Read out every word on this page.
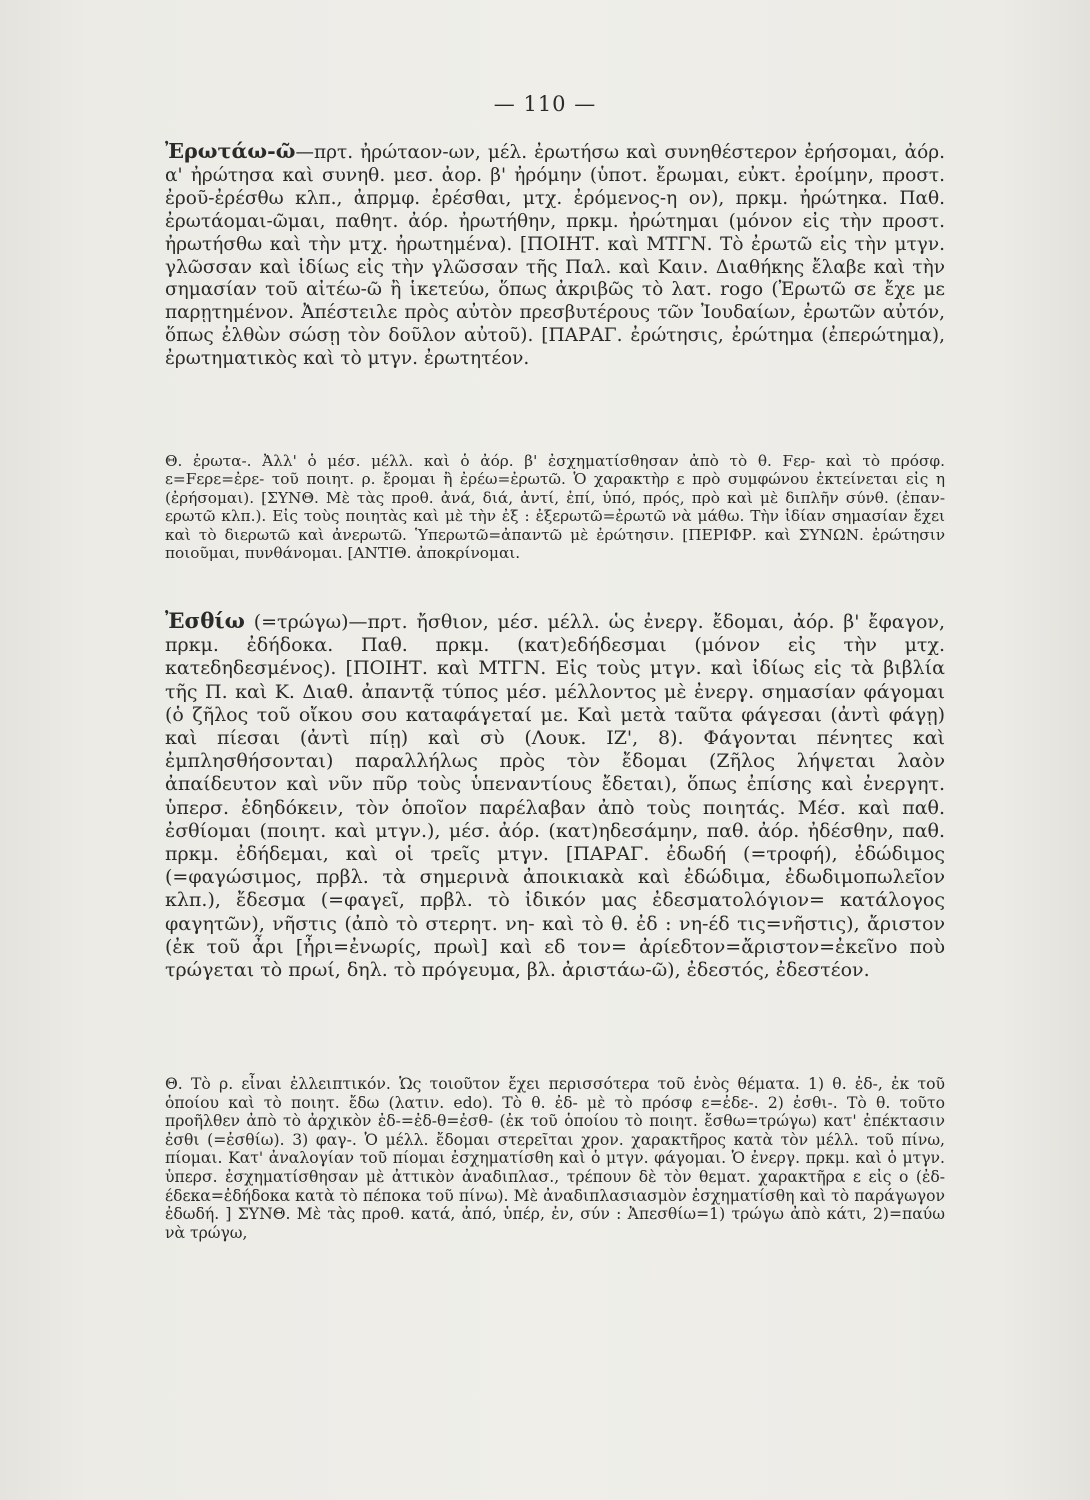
— 110 —

Ἐρωτάω-ῶ—πρτ. ἠρώταον-ων, μέλ. ἐρωτήσω καὶ συνηθέστερον ἐρήσομαι, ἀόρ. α' ἠρώτησα καὶ συνηθ. μεσ. ἀορ. β' ἠρόμην (ὑποτ. ἔρωμαι, εὐκτ. ἐροίμην, προστ. ἐροῦ-ἐρέσθω κλπ., ἀπρμφ. ἐρέσθαι, μτχ. ἐρόμενος-η ον), πρκμ. ἠρώτηκα. Παθ. ἐρωτάομαι-ῶμαι, παθητ. ἀόρ. ἠρωτήθην, πρκμ. ἠρώτημαι (μόνον εἰς τὴν προστ. ἠρωτήσθω καὶ τὴν μτχ. ἠρωτημένα). [ΠΟΙΗΤ. καὶ ΜΤΓΝ. Τὸ ἐρωτῶ εἰς τὴν μτγν. γλῶσσαν καὶ ἰδίως εἰς τὴν γλῶσσαν τῆς Παλ. καὶ Καιν. Διαθήκης ἔλαβε καὶ τὴν σημασίαν τοῦ αἰτέω-ῶ ἢ ἱκετεύω, ὅπως ἀκριβῶς τὸ λατ. rogo (Ἐρωτῶ σε ἔχε με παρῃτημένον. Ἀπέστειλε πρὸς αὐτὸν πρεσβυτέρους τῶν Ἰουδαίων, ἐρωτῶν αὐτόν, ὅπως ἐλθὼν σώσῃ τὸν δοῦλον αὐτοῦ). [ΠΑΡΑΓ. ἐρώτησις, ἐρώτημα (ἐπερώτημα), ἐρωτηματικὸς καὶ τὸ μτγν. ἐρωτητέον.

Θ. ἐρωτα-. Ἀλλ' ὁ μέσ. μέλλ. καὶ ὁ ἀόρ. β' ἐσχηματίσθησαν ἀπὸ τὸ θ. Fερ- καὶ τὸ πρόσφ. ε=Fερε=ἐρε- τοῦ ποιητ. ρ. ἔρομαι ἢ ἐρέω=ἐρωτῶ. Ὁ χαρακτὴρ ε πρὸ συμφώνου ἐκτείνεται εἰς η (ἐρήσομαι). [ΣΥΝΘ. Μὲ τὰς προθ. ἀνά, διά, ἀντί, ἐπί, ὑπό, πρός, πρὸ καὶ μὲ διπλῆν σύνθ. (ἐπαν-ερωτῶ κλπ.). Εἰς τοὺς ποιητὰς καὶ μὲ τὴν ἐξ : ἐξερωτῶ=ἐρωτῶ νὰ μάθω. Τὴν ἰδίαν σημασίαν ἔχει καὶ τὸ διερωτῶ καὶ ἀνερωτῶ. Ὑπερωτῶ=ἀπαντῶ μὲ ἐρώτησιν. [ΠΕΡΙΦΡ. καὶ ΣΥΝΩΝ. ἐρώτησιν ποιοῦμαι, πυνθάνομαι. [ΑΝΤΙΘ. ἀποκρίνομαι.

Ἐσθίω (=τρώγω)—πρτ. ἤσθιον, μέσ. μέλλ. ὡς ἐνεργ. ἔδομαι, ἀόρ. β' ἔφαγον, πρκμ. ἐδήδοκα. Παθ. πρκμ. (κατ)εδήδεσμαι (μόνον εἰς τὴν μτχ. κατεδηδεσμένος). [ΠΟΙΗΤ. καὶ ΜΤΓΝ. Εἰς τοὺς μτγν. καὶ ἰδίως εἰς τὰ βιβλία τῆς Π. καὶ Κ. Διαθ. ἀπαντᾷ τύπος μέσ. μέλλοντος μὲ ἐνεργ. σημασίαν φάγομαι (ὁ ζῆλος τοῦ οἴκου σου καταφάγεταί με. Καὶ μετὰ ταῦτα φάγεσαι (ἀντὶ φάγῃ) καὶ πίεσαι (ἀντὶ πίῃ) καὶ σὺ (Λουκ. ΙΖ', 8). Φάγονται πένητες καὶ ἐμπλησθήσονται) παραλλήλως πρὸς τὸν ἔδομαι (Ζῆλος λήψεται λαὸν ἀπαίδευτον καὶ νῦν πῦρ τοὺς ὑπεναντίους ἔδεται), ὅπως ἐπίσης καὶ ἐνεργητ. ὑπερσ. ἐδηδόκειν, τὸν ὁποῖον παρέλαβαν ἀπὸ τοὺς ποιητάς. Μέσ. καὶ παθ. ἐσθίομαι (ποιητ. καὶ μτγν.), μέσ. ἀόρ. (κατ)ηδεσάμην, παθ. ἀόρ. ἠδέσθην, παθ. πρκμ. ἐδήδεμαι, καὶ οἱ τρεῖς μτγν. [ΠΑΡΑΓ. ἐδωδή (=τροφή), ἐδώδιμος (=φαγώσιμος, πρβλ. τὰ σημερινὰ ἀποικιακὰ καὶ ἐδώδιμα, ἐδωδιμοπωλεῖον κλπ.), ἔδεσμα (=φαγεῖ, πρβλ. τὸ ἰδικόν μας ἐδεσματολόγιον= κατάλογος φαγητῶν), νῆστις (ἀπὸ τὸ στερητ. νη- καὶ τὸ θ. ἐδ : νη-έδ τις=νῆστις), ἄριστον (ἐκ τοῦ ἆρι [ἦρι=ἐνωρίς, πρωὶ] καὶ εδ τον= ἀρίεδτον=ἄριστον=ἐκεῖνο ποὺ τρώγεται τὸ πρωί, δηλ. τὸ πρόγευμα, βλ. ἀριστάω-ῶ), ἐδεστός, ἐδεστέον.

Θ. Τὸ ρ. εἶναι ἐλλειπτικόν. Ὡς τοιοῦτον ἔχει περισσότερα τοῦ ἑνὸς θέματα. 1) θ. ἐδ-, ἐκ τοῦ ὁποίου καὶ τὸ ποιητ. ἔδω (λατιν. edo). Τὸ θ. ἐδ- μὲ τὸ πρόσφ ε=ἐδε-. 2) ἐσθι-. Τὸ θ. τοῦτο προῆλθεν ἀπὸ τὸ ἀρχικὸν ἐδ-=ἐδ-θ=ἐσθ- (ἐκ τοῦ ὁποίου τὸ ποιητ. ἔσθω=τρώγω) κατ' ἐπέκτασιν ἐσθι (=ἐσθίω). 3) φαγ-. Ὁ μέλλ. ἔδομαι στερεῖται χρον. χαρακτῆρος κατὰ τὸν μέλλ. τοῦ πίνω, πίομαι. Κατ' ἀναλογίαν τοῦ πίομαι ἐσχηματίσθη καὶ ὁ μτγν. φάγομαι. Ὁ ἐνεργ. πρκμ. καὶ ὁ μτγν. ὑπερσ. ἐσχηματίσθησαν μὲ ἀττικὸν ἀναδιπλασ., τρέπουν δὲ τὸν θεματ. χαρακτῆρα ε εἰς ο (ἐδ-έδεκα=ἐδήδοκα κατὰ τὸ πέποκα τοῦ πίνω). Μὲ ἀναδιπλασιασμὸν ἐσχηματίσθη καὶ τὸ παράγωγον ἐδωδή. ] ΣΥΝΘ. Μὲ τὰς προθ. κατά, ἀπό, ὑπέρ, ἐν, σύν : Ἀπεσθίω=1) τρώγω ἀπὸ κάτι, 2)=παύω νὰ τρώγω,
